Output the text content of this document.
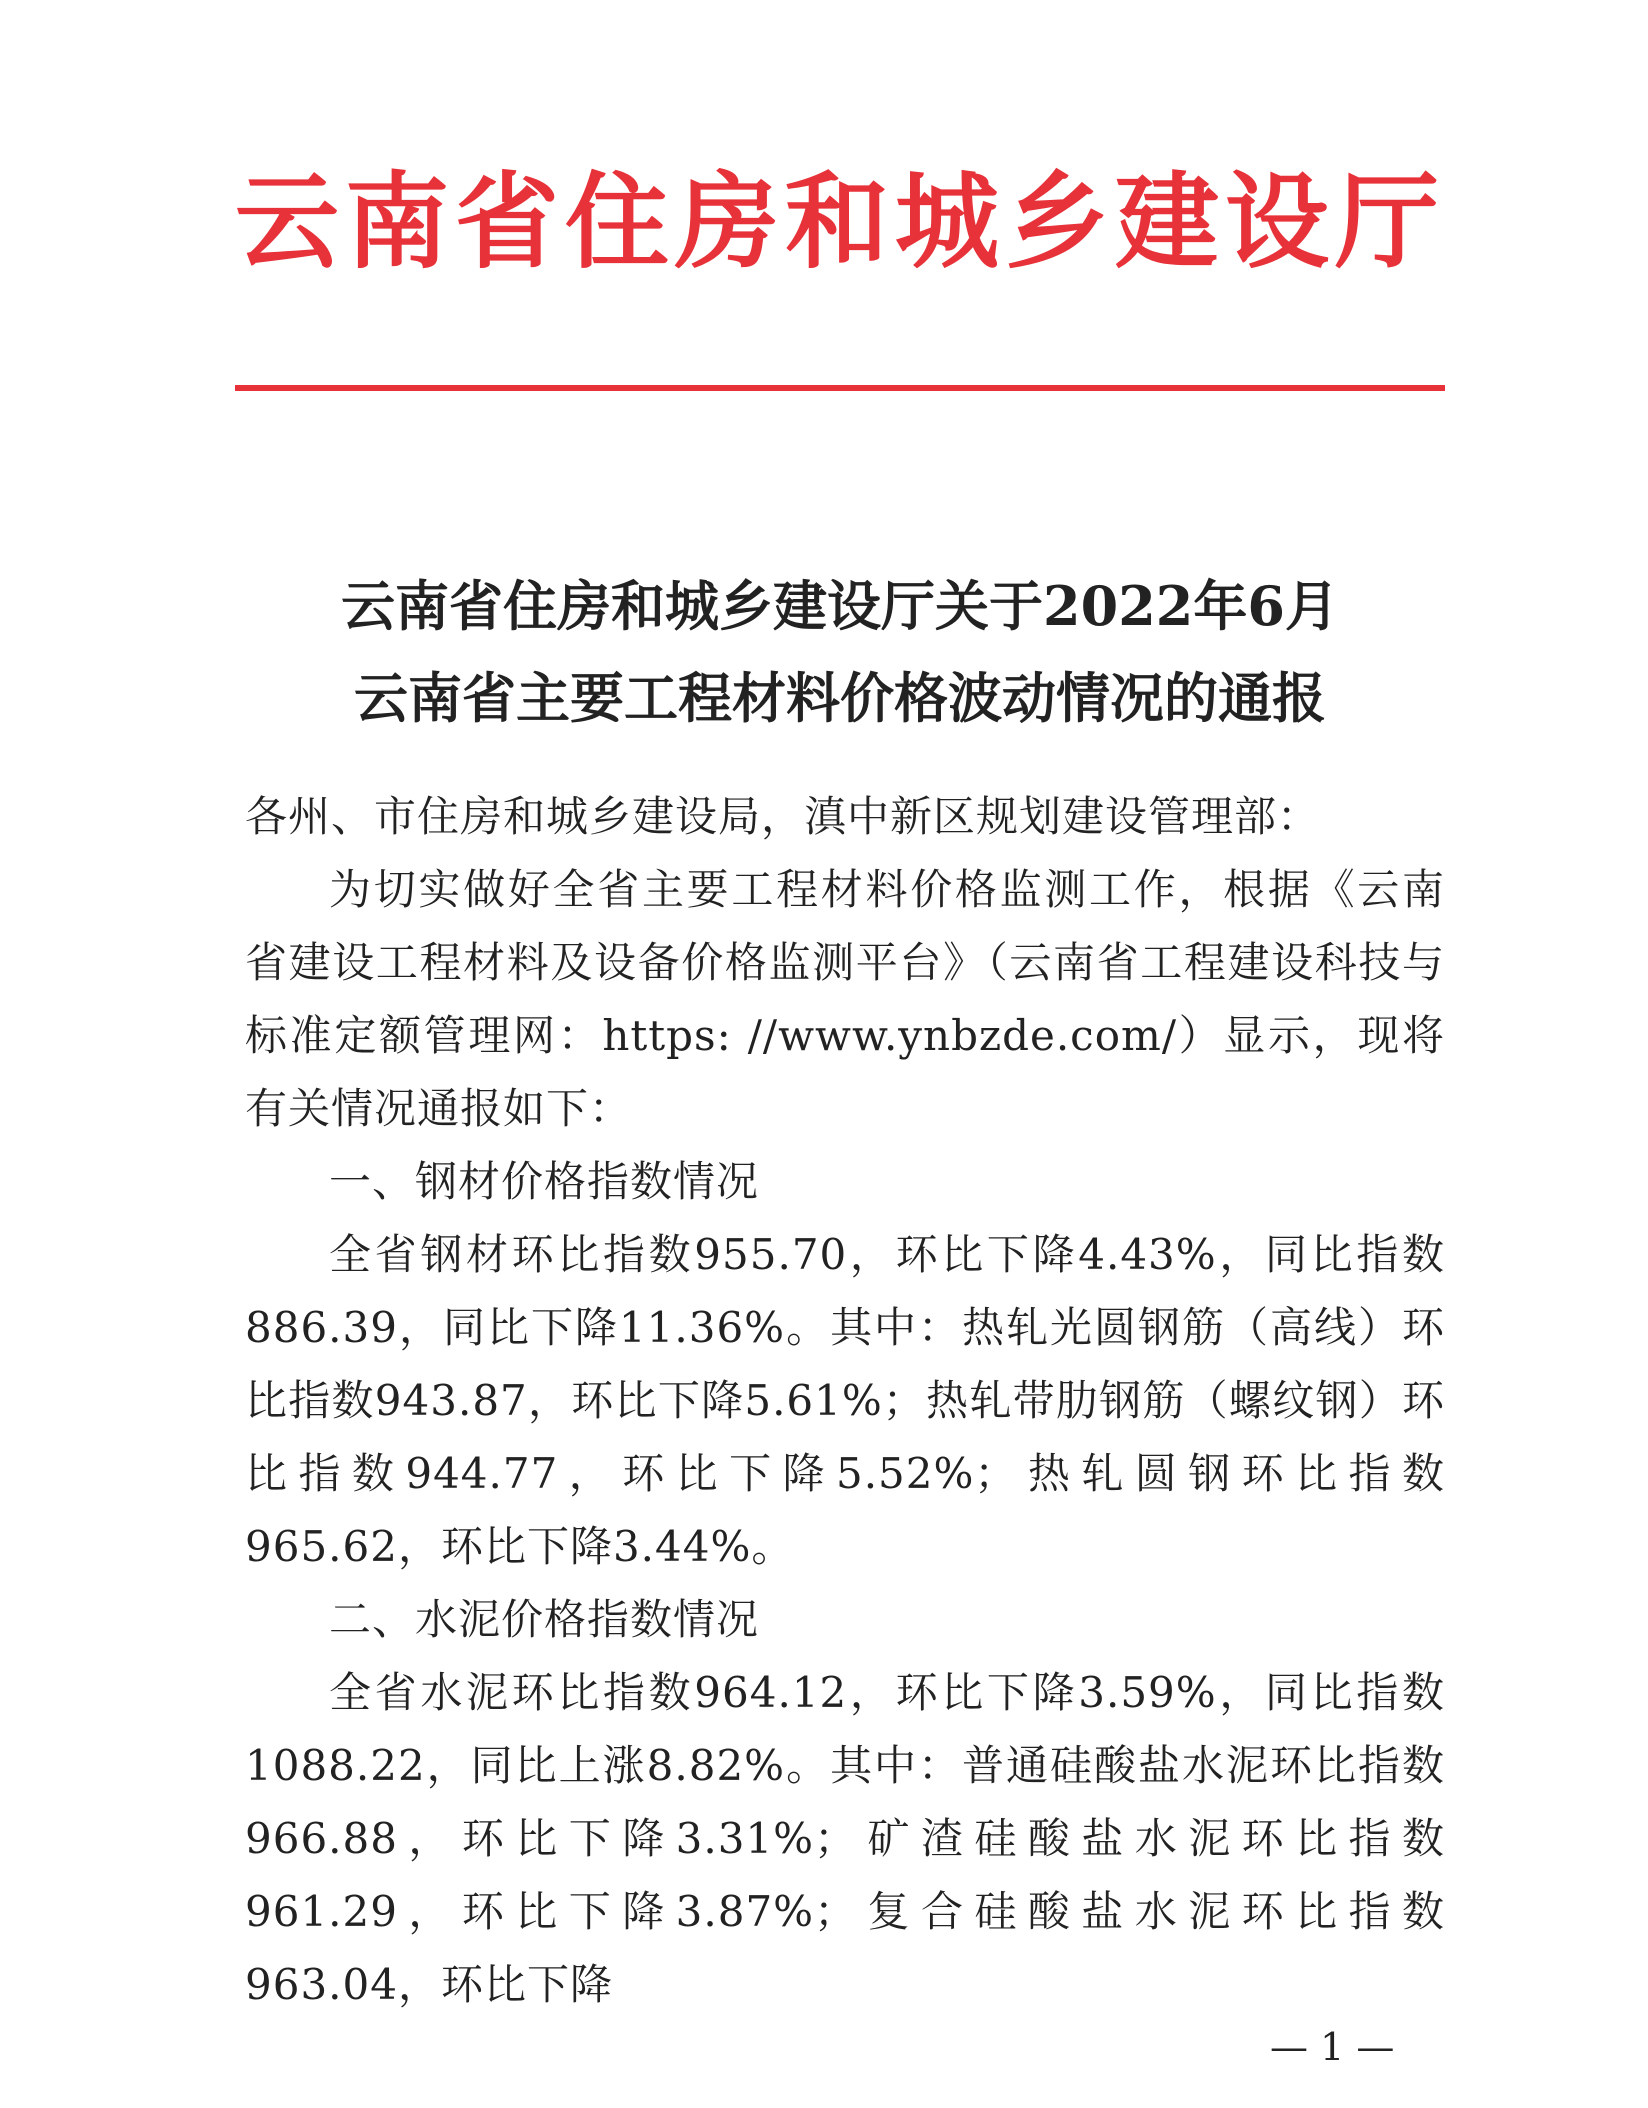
云南省住房和城乡建设厅
云南省住房和城乡建设厅关于2022年6月
云南省主要工程材料价格波动情况的通报

各州、市住房和城乡建设局，滇中新区规划建设管理部：

为切实做好全省主要工程材料价格监测工作，根据《云南省建设工程材料及设备价格监测平台》（云南省工程建设科技与标准定额管理网：https: //www.ynbzde.com/）显示，现将有关情况通报如下：

一、钢材价格指数情况

全省钢材环比指数955.70，环比下降4.43%，同比指数886.39，同比下降11.36%。其中：热轧光圆钢筋（高线）环比指数943.87，环比下降5.61%；热轧带肋钢筋（螺纹钢）环比指数944.77，环比下降5.52%；热轧圆钢环比指数965.62，环比下降3.44%。

二、水泥价格指数情况

全省水泥环比指数964.12，环比下降3.59%，同比指数1088.22，同比上涨8.82%。其中：普通硅酸盐水泥环比指数966.88，环比下降3.31%；矿渣硅酸盐水泥环比指数961.29，环比下降3.87%；复合硅酸盐水泥环比指数963.04，环比下降

— 1 —
